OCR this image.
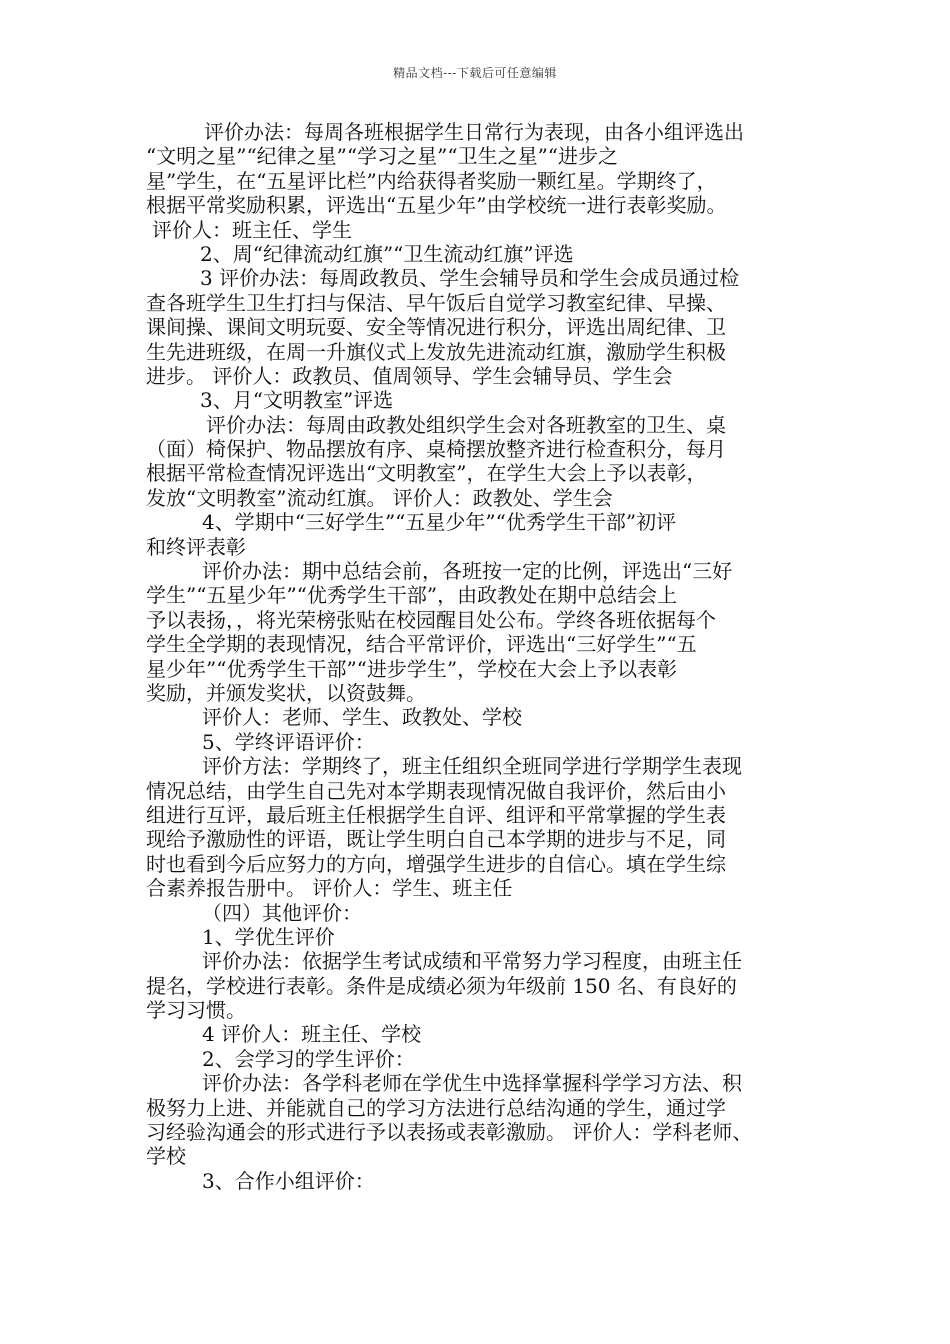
精品文档---下载后可任意编辑
评价办法：每周各班根据学生日常行为表现，由各小组评选出
“文明之星”“纪律之星”“学习之星”“卫生之星”“进步之
星”学生，在“五星评比栏”内给获得者奖励一颗红星。学期终了，
根据平常奖励积累，评选出“五星少年”由学校统一进行表彰奖励。
评价人：班主任、学生
2、周“纪律流动红旗”“卫生流动红旗”评选
3 评价办法：每周政教员、学生会辅导员和学生会成员通过检
查各班学生卫生打扫与保洁、早午饭后自觉学习教室纪律、早操、
课间操、课间文明玩耍、安全等情况进行积分，评选出周纪律、卫
生先进班级，在周一升旗仪式上发放先进流动红旗，激励学生积极
进步。 评价人：政教员、值周领导、学生会辅导员、学生会
3、月“文明教室”评选
评价办法：每周由政教处组织学生会对各班教室的卫生、桌
（面）椅保护、物品摆放有序、桌椅摆放整齐进行检查积分，每月
根据平常检查情况评选出“文明教室”，在学生大会上予以表彰，
发放“文明教室”流动红旗。 评价人：政教处、学生会
4、学期中“三好学生”“五星少年”“优秀学生干部”初评
和终评表彰
评价办法：期中总结会前，各班按一定的比例，评选出“三好
学生”“五星少年”“优秀学生干部”，由政教处在期中总结会上
予以表扬，，将光荣榜张贴在校园醒目处公布。学终各班依据每个
学生全学期的表现情况，结合平常评价，评选出“三好学生”“五
星少年”“优秀学生干部”“进步学生”，学校在大会上予以表彰
奖励，并颁发奖状，以资鼓舞。
评价人：老师、学生、政教处、学校
5、学终评语评价：
评价方法：学期终了，班主任组织全班同学进行学期学生表现
情况总结，由学生自己先对本学期表现情况做自我评价，然后由小
组进行互评，最后班主任根据学生自评、组评和平常掌握的学生表
现给予激励性的评语，既让学生明白自己本学期的进步与不足，同
时也看到今后应努力的方向，增强学生进步的自信心。填在学生综
合素养报告册中。 评价人：学生、班主任
（四）其他评价：
1、学优生评价
评价办法：依据学生考试成绩和平常努力学习程度，由班主任
提名，学校进行表彰。条件是成绩必须为年级前 150 名、有良好的
学习习惯。
4 评价人：班主任、学校
2、会学习的学生评价：
评价办法：各学科老师在学优生中选择掌握科学学习方法、积
极努力上进、并能就自己的学习方法进行总结沟通的学生，通过学
习经验沟通会的形式进行予以表扬或表彰激励。 评价人：学科老师、
学校
3、合作小组评价：
